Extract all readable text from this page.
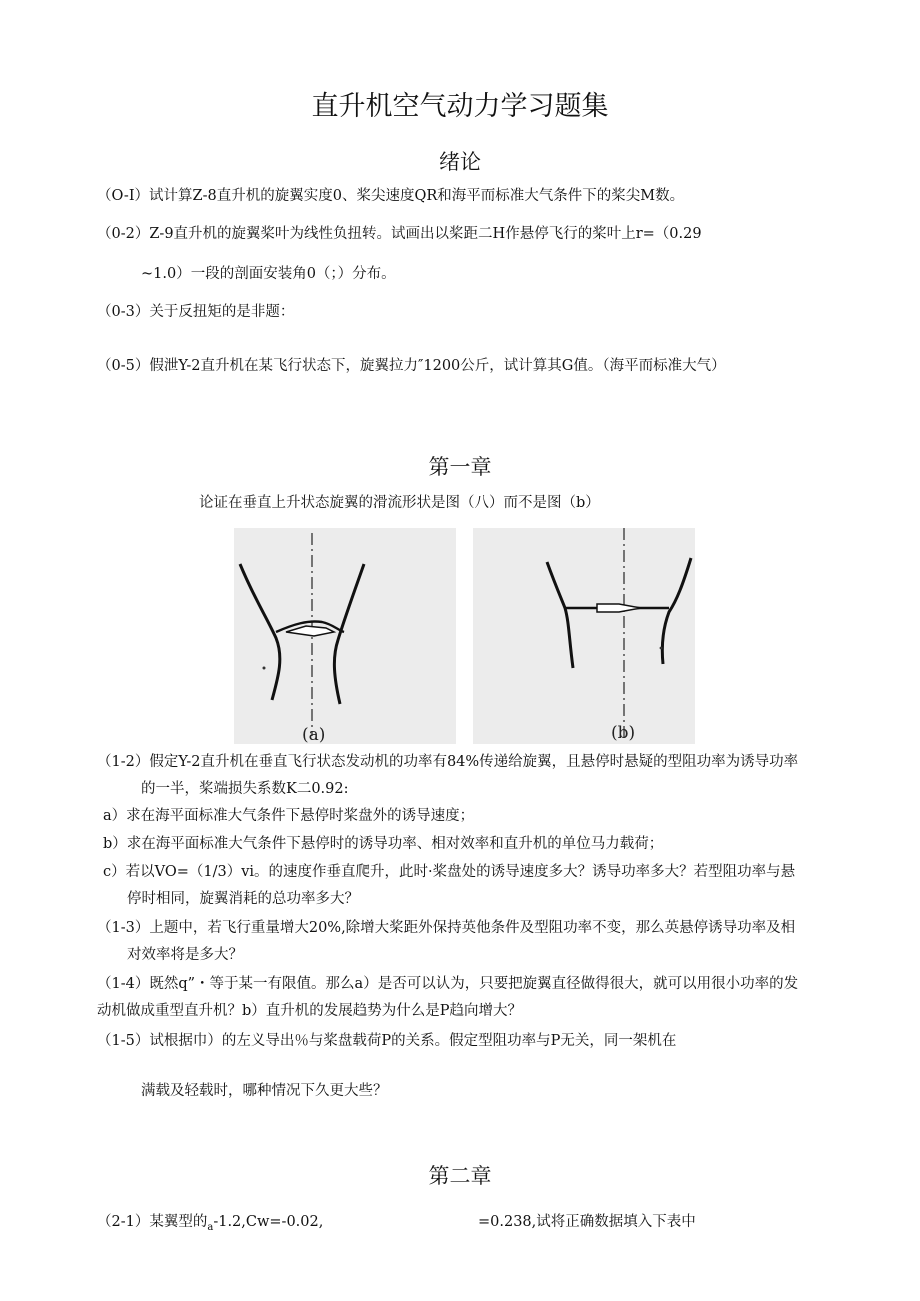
直升机空气动力学习题集
绪论
（O-I）试计算Z-8直升机的旋翼实度0、桨尖速度QR和海平而标准大气条件下的桨尖M数。
（0-2）Z-9直升机的旋翼桨叶为线性负扭转。试画出以桨距二H作悬停飞行的桨叶上r=（0.29
~1.0）一段的剖面安装角0（；）分布。
（0-3）关于反扭矩的是非题：
（0-5）假泄Y-2直升机在某飞行状态下，旋翼拉力″1200公斤，试计算其G值。（海平而标准大气）
第一章
论证在垂直上升状态旋翼的滑流形状是图（八）而不是图（b）
(a)	(b)
（1-2）假定Y-2直升机在垂直飞行状态发动机的功率有84%传递给旋翼，且悬停时悬疑的型阻功率为诱导功率
的一半，桨端损失系数K二0.92:
a）求在海平面标准大气条件下悬停时桨盘外的诱导速度；
b）求在海平面标准大气条件下悬停时的诱导功率、相对效率和直升机的单位马力载荷；
c）若以VO=（1/3）vi。的速度作垂直爬升，此时·桨盘处的诱导速度多大？诱导功率多大？若型阻功率与悬
停时相同，旋翼消耗的总功率多大？
（1-3）上题中，若飞行重量增大20%,除增大桨距外保持英他条件及型阻功率不变，那么英悬停诱导功率及相
对效率将是多大？
（1-4）既然q”・等于某一有限值。那么a）是否可以认为，只要把旋翼直径做得很大，就可以用很小功率的发
动机做成重型直升机？b）直升机的发展趋势为什么是P趋向增大？
（1-5）试根据巾）的左义导出％与桨盘载荷P的关系。假定型阻功率与P无关，同一架机在
满载及轻载时，哪种情况下久更大些？
第二章
（2-1）某翼型的$_a$-1.2,Cw=-0.02,	=0.238,试将正确数据填入下表中
